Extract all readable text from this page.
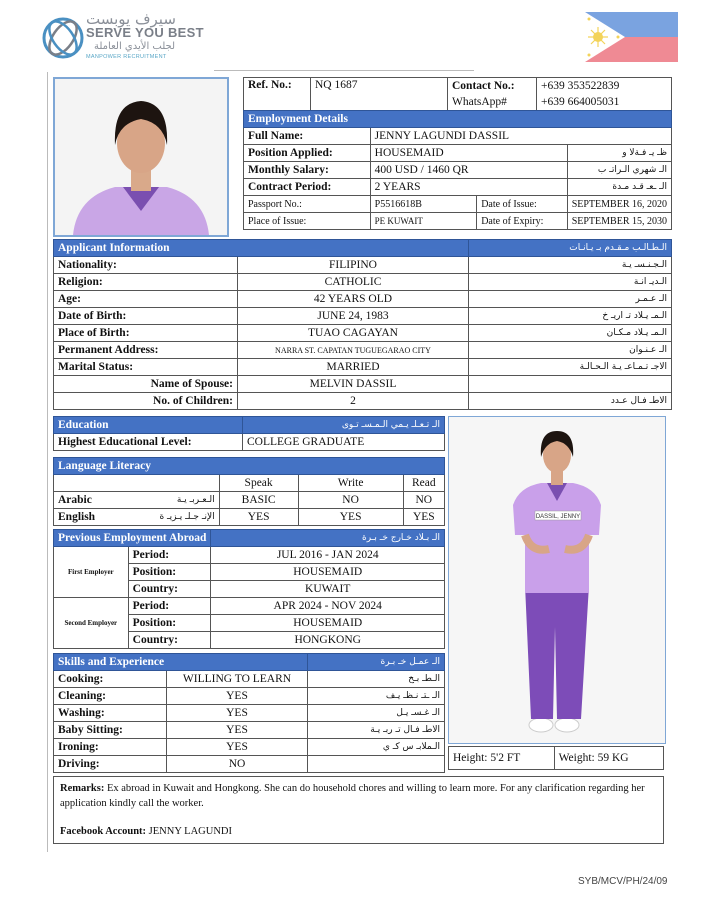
سيرف يوبست
SERVE YOU BEST
لجلب الأيدي العاملة
MANPOWER RECRUITMENT
Ref. No.:	NQ 1687	Contact No.:	+639 353522839
		WhatsApp#	+639 664005031
Employment Details			
Full Name:	JENNY LAGUNDI DASSIL		
Position Applied:	HOUSEMAID		ظـ يـ فـةلا و
Monthly Salary:	400 USD / 1460 QR		الـ شهري الـراتـ ب
Contract Period:	2 YEARS		الـ ـعـ قـد مـدة
Passport No.:	P5516618B	Date of Issue:	SEPTEMBER 16, 2020
Place of Issue:	PE KUWAIT	Date of Expiry:	SEPTEMBER 15, 2030
Applicant Information		الـطـالـب مـقـدم بـ يـانـات
Nationality:	FILIPINO	الـجـنـسـ يـة
Religion:	CATHOLIC	الـديـ انـة
Age:	42 YEARS OLD	الـ عـمـر
Date of Birth:	JUNE 24, 1983	الـمـ يـلاد تـ اريـ خ
Place of Birth:	TUAO CAGAYAN	الـمـ يـلاد مـكـان
Permanent Address:	NARRA ST. CAPATAN TUGUEGARAO CITY	الـ عـنـوان
Marital Status:	MARRIED	الاجـ تـمـاعـ يـة الـحـالـة
Name of Spouse:	MELVIN DASSIL	
No. of Children:	2	الاطـ فـال عـدد
Education	الـ تـعـلـ يـمي الـمـسـ تـوى
Highest Educational Level:	COLLEGE GRADUATE
Language Literacy				
		Speak	Write	Read
Arabic	الـعـربـ يـة	BASIC	NO	NO
English	الإنـ جـلـ يـزيـ ة	YES	YES	YES
Previous Employment Abroad		الـ بـلاد خـارج خـ بـرة
First Employer	Period:	JUL 2016 - JAN 2024
	Position:	HOUSEMAID
	Country:	KUWAIT
Second Employer	Period:	APR 2024 - NOV 2024
	Position:	HOUSEMAID
	Country:	HONGKONG
Skills and Experience		الـ عمـل خـ بـرة
Cooking:	WILLING TO LEARN	الـطـ بـخ
Cleaning:	YES	الـ ـتـ نـظـ يـف
Washing:	YES	الـ غـسـ يـل
Baby Sitting:	YES	الاطـ فـال تـ ربـ يـة
Ironing:	YES	الـملابـ س كـ ي
Driving:	NO	
DASSIL, JENNY
Height: 5'2 FT	Weight: 59 KG
Remarks: Ex abroad in Kuwait and Hongkong. She can do household chores and willing to learn more. For any clarification regarding her application kindly call the worker.
Facebook Account: JENNY LAGUNDI
SYB/MCV/PH/24/09
